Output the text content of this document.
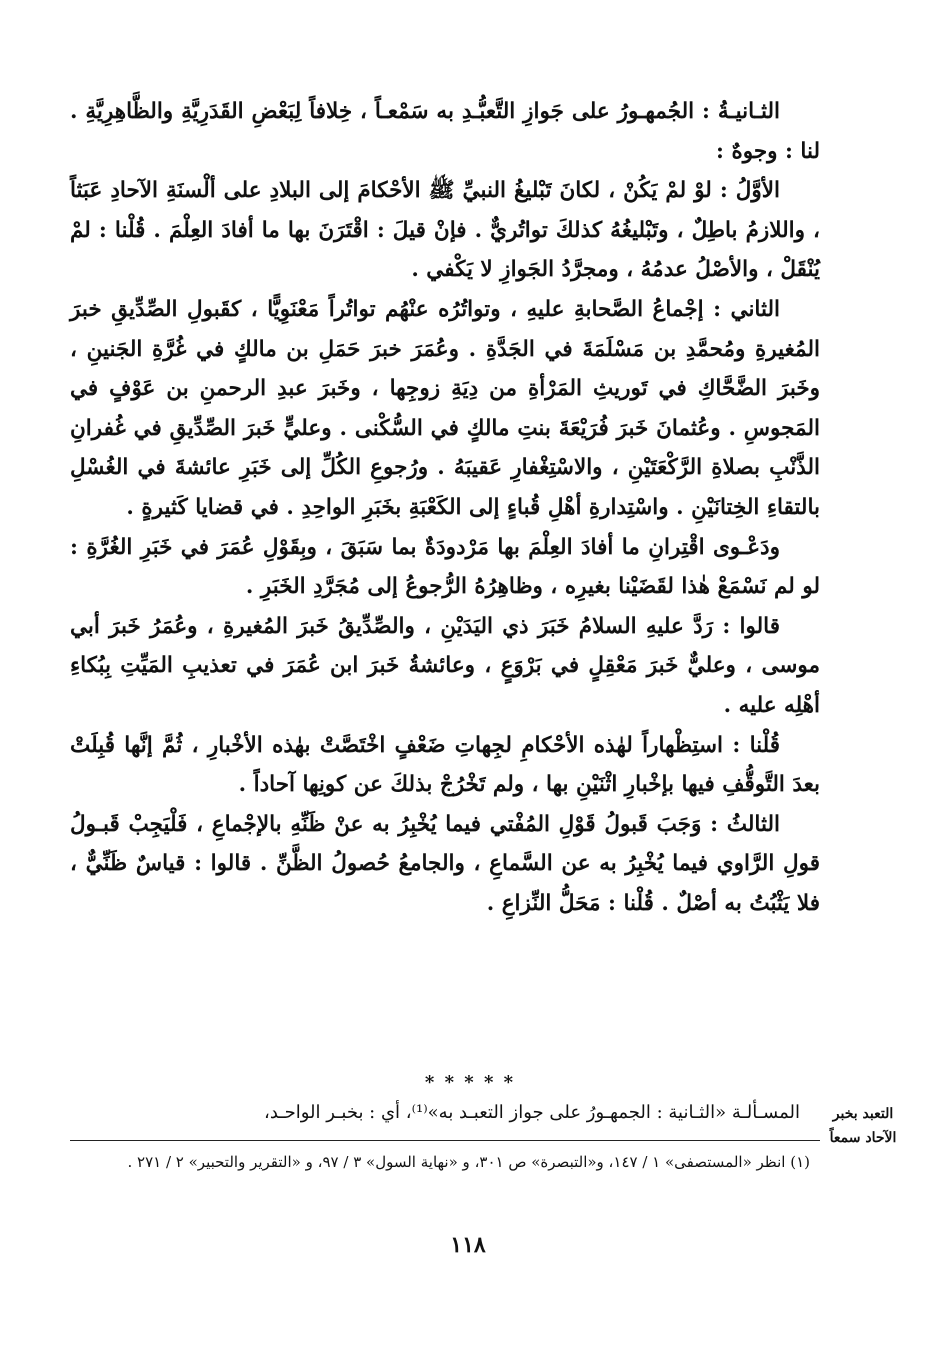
الثـانيـةُ : الجُمهـورُ على جَوازِ التَّعبُّـدِ به سَمْعـاً ، خِلافاً لِبَعْضِ القَدَرِيَّةِ والظَّاهِرِيَّةِ . لنا : وجوهٌ :

الأوَّلُ : لوْ لمْ يَكُنْ ، لكانَ تَبْليغُ النبيِّ ﷺ الأحْكامَ إلى البلادِ على ألْسنَةِ الآحادِ عَبَثاً ، واللازمُ باطِلٌ ، وتَبْليغُهُ كذلكَ تواتُريٌّ . فإنْ قيلَ : اقْتَرَنَ بها ما أفادَ العِلْمَ . قُلْنا : لمْ يُنْقَلْ ، والأصْلُ عدمُهُ ، ومجرَّدُ الجَوازِ لا يَكْفي .

الثاني : إجْماعُ الصَّحابةِ عليهِ ، وتواتُرُه عنْهُم تواتُراً مَعْنَوِيًّا ، كقَبولِ الصِّدِّيقِ خبرَ المُغيرةِ ومُحمَّدِ بن مَسْلَمَةَ في الجَدَّةِ . وعُمَرَ خبرَ حَمَلِ بن مالكٍ في غُرَّةِ الجَنينِ ، وخَبرَ الضَّحَّاكِ في تَوريثِ المَرْأةِ من دِيَةِ زوجِها ، وخَبرَ عبدِ الرحمنِ بن عَوْفٍ في المَجوسِ . وعُثمانَ خَبرَ فُرَيْعَةَ بنتِ مالكٍ في السُّكْنى . وعليٍّ خَبرَ الصِّدِّيقِ في غُفرانِ الذَّنْبِ بصلاةِ الرَّكْعَتَيْنِ ، والاسْتِغْفارِ عَقيبَهُ . ورُجوعِ الكُلِّ إلى خَبَرِ عائشةَ في الغُسْلِ بالتقاءِ الخِتانَيْنِ . واسْتِدارةِ أهْلِ قُباءٍ إلى الكَعْبَةِ بخَبَرِ الواحِدِ . في قضايا كَثيرةٍ .

ودَعْـوى اقْتِرانِ ما أفادَ العِلْمَ بها مَرْدودَةٌ بما سَبَقَ ، وبِقَوْلِ عُمَرَ في خَبَرِ الغُرَّةِ : لو لم نَسْمَعْ هٰذا لقَضَيْنا بغيرِه ، وظاهِرُهُ الرُّجوعُ إلى مُجَرَّدِ الخَبَرِ .

قالوا : رَدَّ عليهِ السلامُ خَبَرَ ذي اليَدَيْنِ ، والصِّدِّيقُ خَبرَ المُغيرةِ ، وعُمَرُ خَبرَ أبي موسى ، وعليٌّ خَبرَ مَعْقِلٍ في بَرْوَعٍ ، وعائشةُ خَبرَ ابن عُمَرَ في تعذيبِ المَيِّتِ بِبُكاءِ أهْلِه عليه .

قُلْنا : استِظْهاراً لهٰذه الأحْكامِ لجِهاتِ ضَعْفٍ اخْتَصَّتْ بهٰذه الأخْبارِ ، ثُمَّ إنَّها قُبِلَتْ بعدَ التَّوقُّفِ فيها بإخْبارِ اثْنَيْنِ بها ، ولم تَخْرُجْ بذلكَ عن كونِها آحاداً .

الثالثُ : وَجَبَ قَبولُ قَوْلِ المُفْتي فيما يُخْبِرُ به عنْ ظَنِّهِ بالإجْماعِ ، فَلْيَجِبْ قَبـولُ قولِ الرَّاوي فيما يُخْبِرُ به عن السَّماعِ ، والجامعُ حُصولُ الظَّنِّ . قالوا : قياسٌ ظَنِّيٌّ ، فلا يَثْبُتُ به أصْلٌ . قُلْنا : مَحَلُّ النِّزاعِ .

* * * * *
التعبد بخبر
الآحاد سمعاً
المسـألـة «الثـانية : الجمهـورُ على جواز التعبـد به»⁽¹⁾، أي : بخبـر الواحـد،
(١) انظر «المستصفى» ١ / ١٤٧، و«التبصرة» ص ٣٠١، و «نهاية السول» ٣ / ٩٧، و «التقرير والتحبير» ٢ / ٢٧١ .
١١٨
